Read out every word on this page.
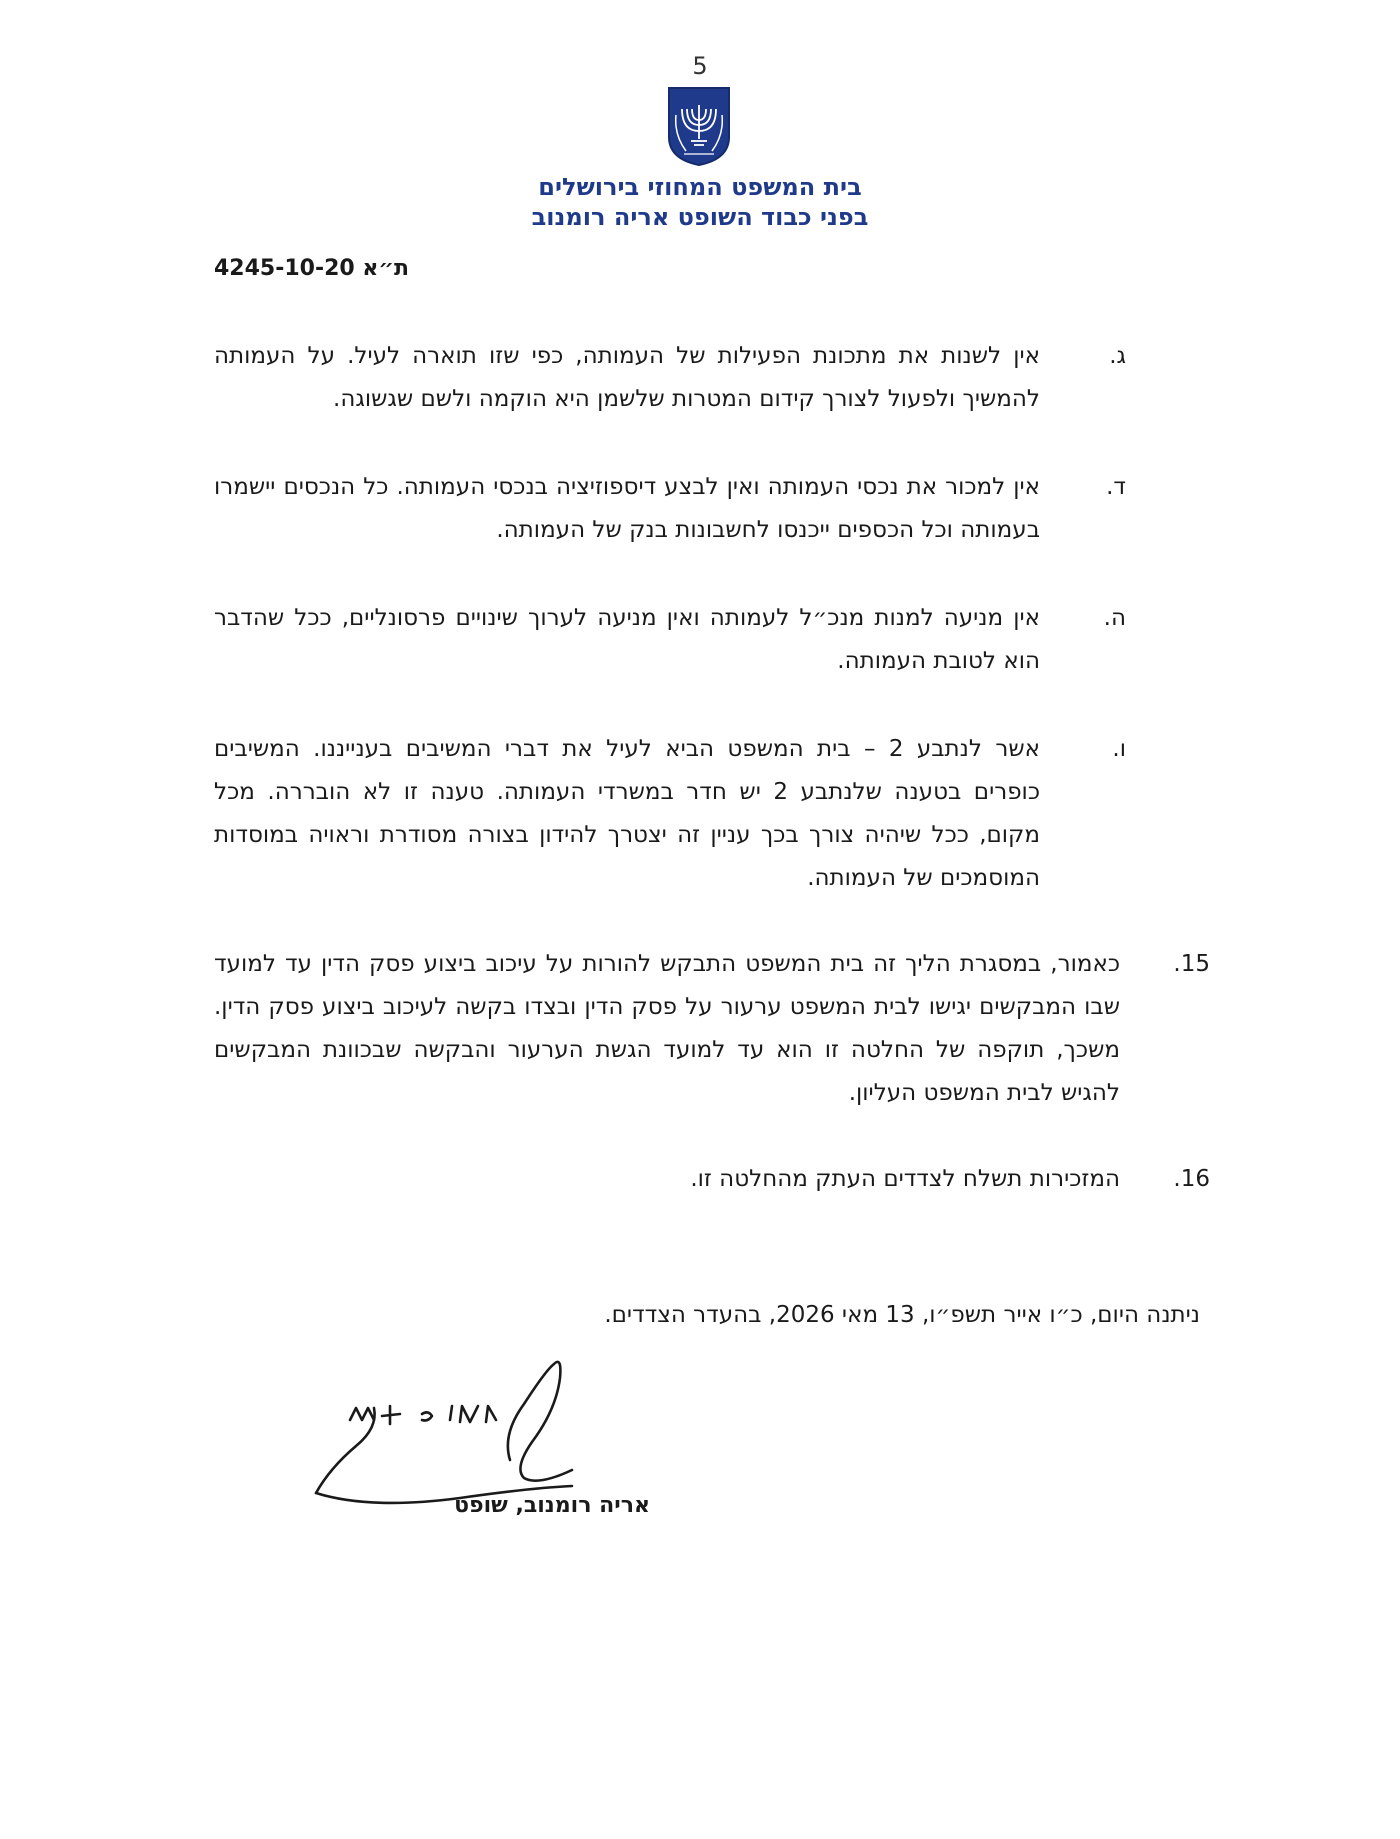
5
בית המשפט המחוזי בירושלים
בפני כבוד השופט אריה רומנוב
ת״א 4245-10-20
ג.
אין לשנות את מתכונת הפעילות של העמותה, כפי שזו תוארה לעיל. על העמותה להמשיך ולפעול לצורך קידום המטרות שלשמן היא הוקמה ולשם שגשוגה.
ד.
אין למכור את נכסי העמותה ואין לבצע דיספוזיציה בנכסי העמותה. כל הנכסים יישמרו בעמותה וכל הכספים ייכנסו לחשבונות בנק של העמותה.
ה.
אין מניעה למנות מנכ״ל לעמותה ואין מניעה לערוך שינויים פרסונליים, ככל שהדבר הוא לטובת העמותה.
ו.
אשר לנתבע 2 – בית המשפט הביא לעיל את דברי המשיבים בענייננו. המשיבים כופרים בטענה שלנתבע 2 יש חדר במשרדי העמותה. טענה זו לא הובררה. מכל מקום, ככל שיהיה צורך בכך עניין זה יצטרך להידון בצורה מסודרת וראויה במוסדות המוסמכים של העמותה.
15.
כאמור, במסגרת הליך זה בית המשפט התבקש להורות על עיכוב ביצוע פסק הדין עד למועד שבו המבקשים יגישו לבית המשפט ערעור על פסק הדין ובצדו בקשה לעיכוב ביצוע פסק הדין. משכך, תוקפה של החלטה זו הוא עד למועד הגשת הערעור והבקשה שבכוונת המבקשים להגיש לבית המשפט העליון.
16.
המזכירות תשלח לצדדים העתק מהחלטה זו.
ניתנה היום, כ״ו אייר תשפ״ו, 13 מאי 2026, בהעדר הצדדים.
אריה רומנוב, שופט
